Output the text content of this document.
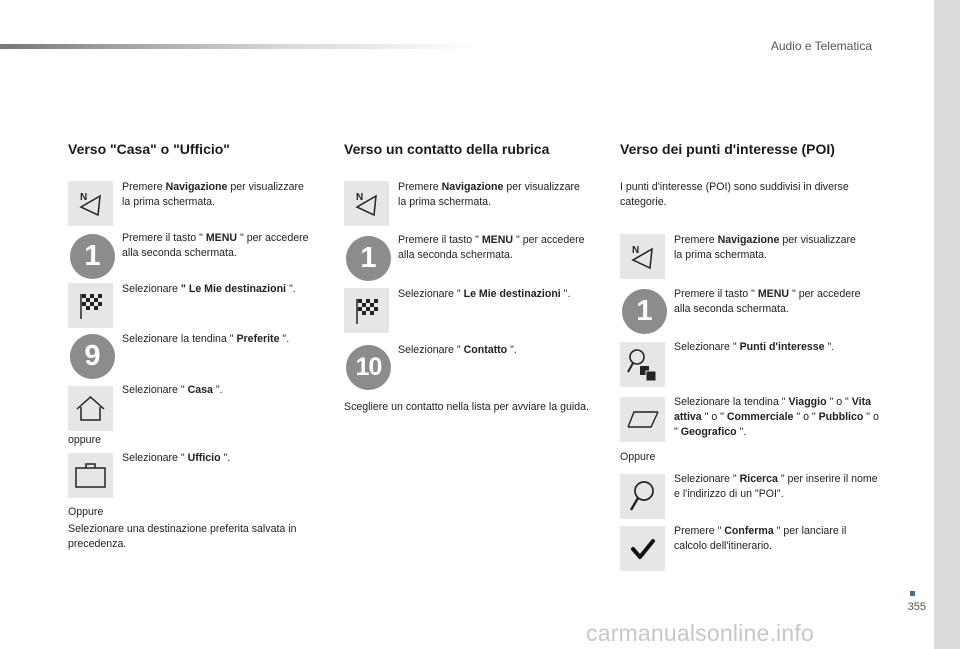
Audio e Telematica
355
carmanualsonline.info
Verso "Casa" o "Ufficio"
N
Premere Navigazione per visualizzare la prima schermata.
1
Premere il tasto " MENU " per accedere alla seconda schermata.
Selezionare " Le Mie destinazioni ".
9
Selezionare la tendina " Preferite ".
Selezionare " Casa ".
oppure
Selezionare " Ufficio ".
Oppure
Selezionare una destinazione preferita salvata in precedenza.
Verso un contatto della rubrica
N
Premere Navigazione per visualizzare la prima schermata.
1
Premere il tasto " MENU " per accedere alla seconda schermata.
Selezionare " Le Mie destinazioni ".
10
Selezionare " Contatto ".
Scegliere un contatto nella lista per avviare la guida.
Verso dei punti d'interesse (POI)
I punti d'interesse (POI) sono suddivisi in diverse categorie.
N
Premere Navigazione per visualizzare la prima schermata.
1
Premere il tasto " MENU " per accedere alla seconda schermata.
Selezionare " Punti d'interesse ".
Selezionare la tendina " Viaggio " o " Vita attiva " o " Commerciale " o " Pubblico " o " Geografico ".
Oppure
Selezionare " Ricerca " per inserire il nome e l'indirizzo di un "POI".
Premere " Conferma " per lanciare il calcolo dell'itinerario.
